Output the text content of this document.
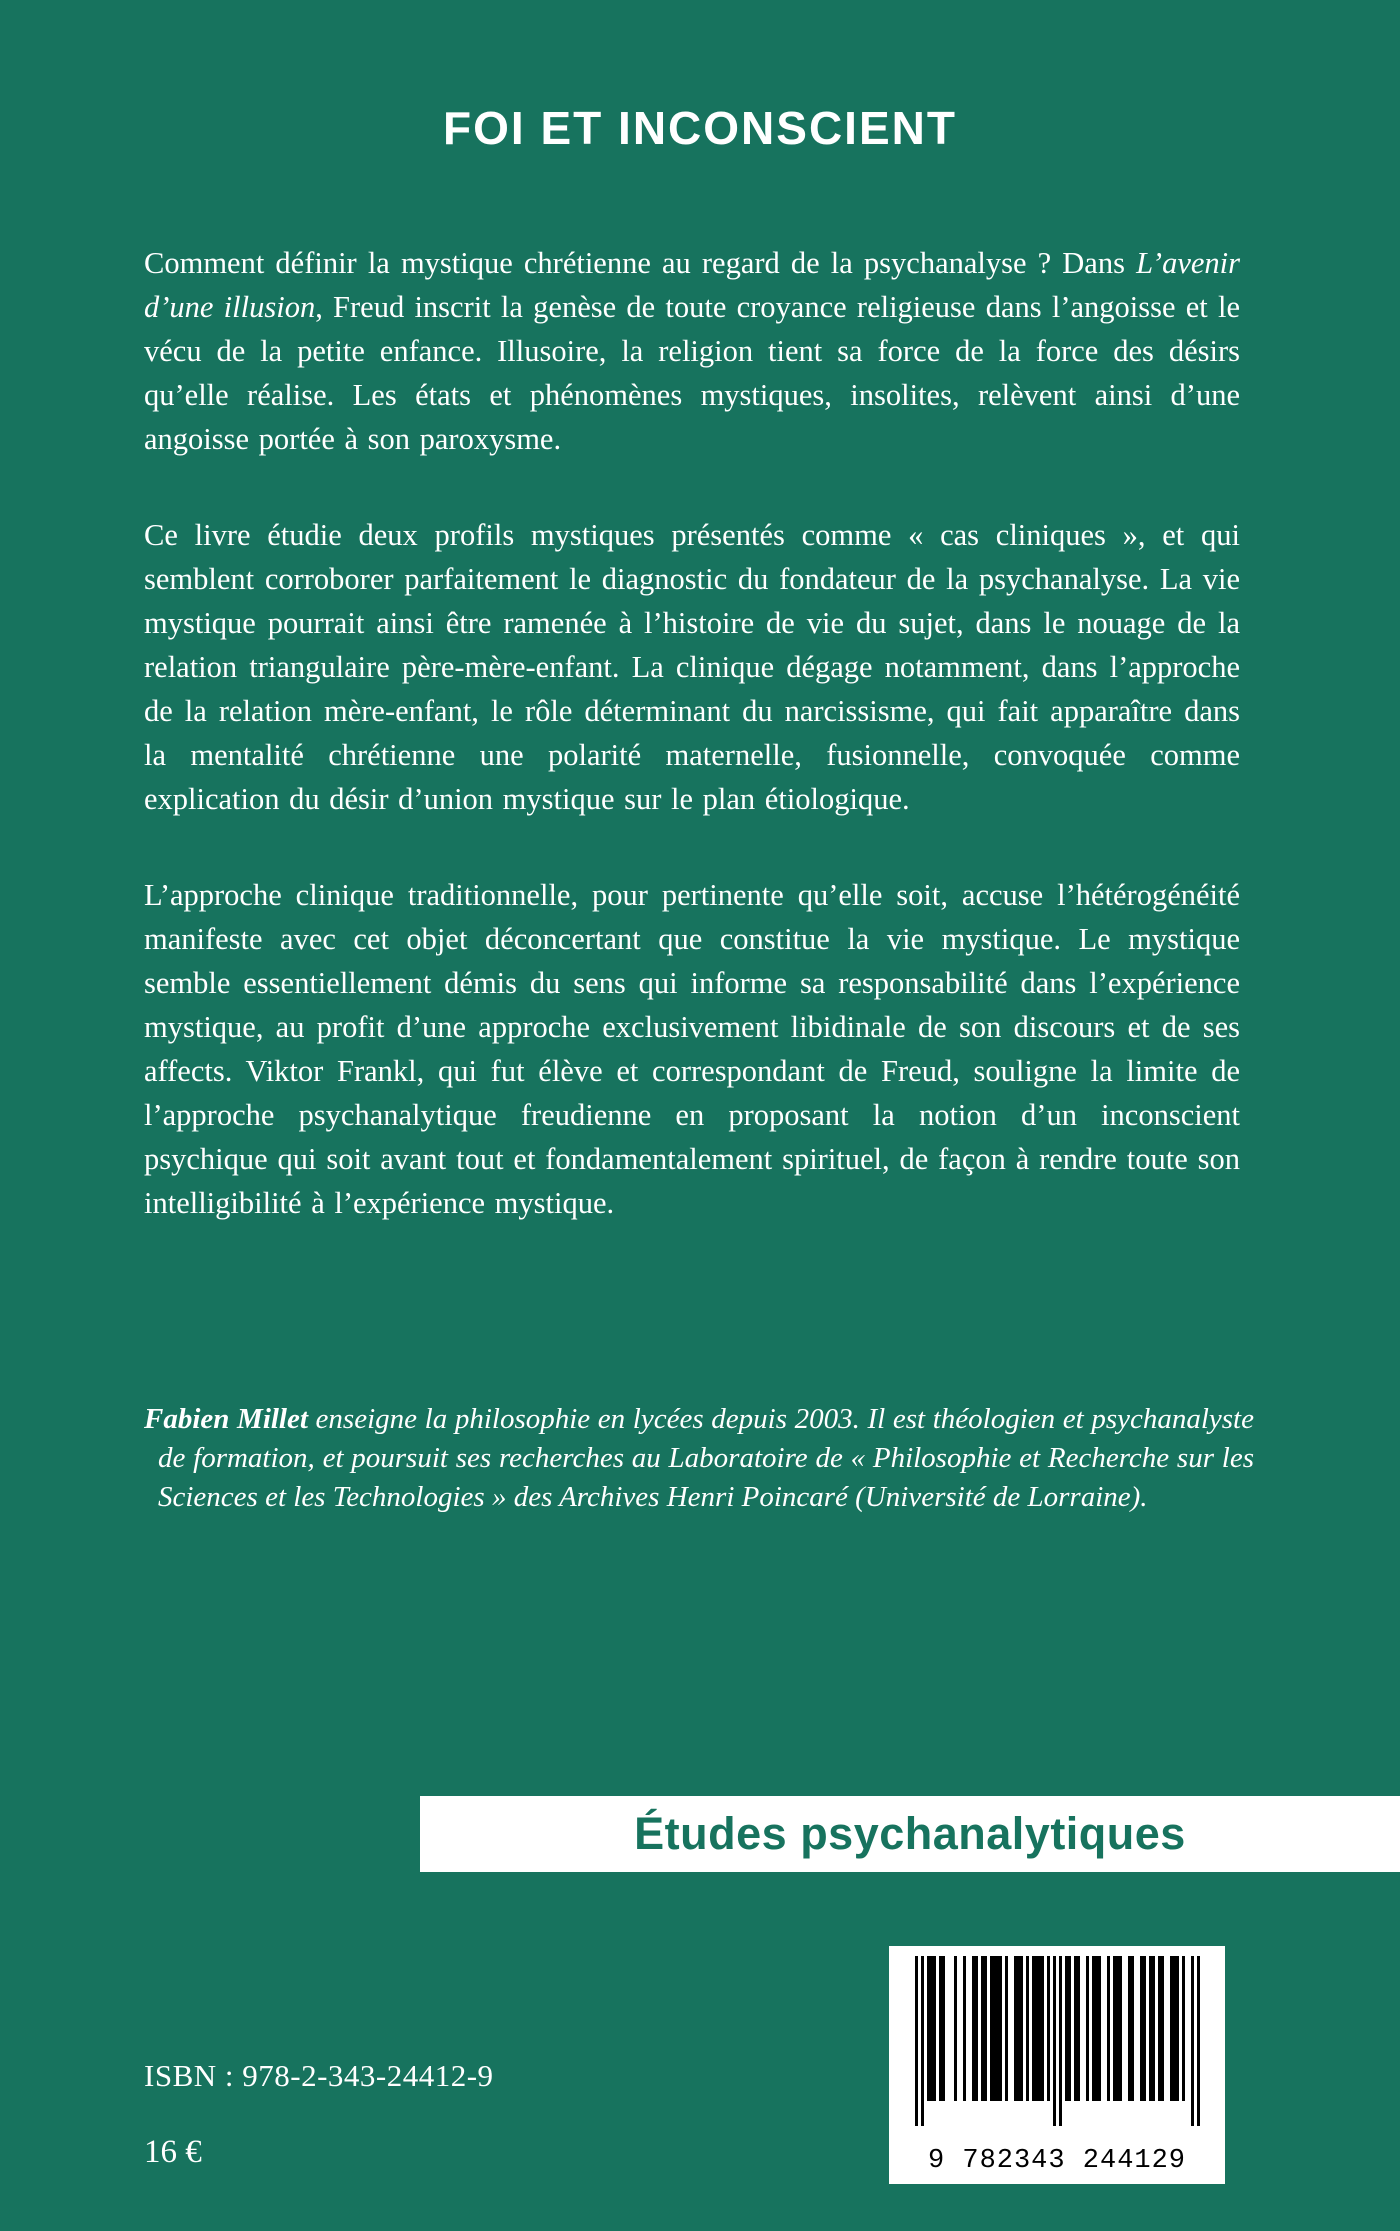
FOI ET INCONSCIENT

Comment définir la mystique chrétienne au regard de la psychanalyse ? Dans L’avenir d’une illusion, Freud inscrit la genèse de toute croyance religieuse dans l’angoisse et le vécu de la petite enfance. Illusoire, la religion tient sa force de la force des désirs qu’elle réalise. Les états et phénomènes mystiques, insolites, relèvent ainsi d’une angoisse portée à son paroxysme.

Ce livre étudie deux profils mystiques présentés comme « cas cliniques », et qui semblent corroborer parfaitement le diagnostic du fondateur de la psychanalyse. La vie mystique pourrait ainsi être ramenée à l’histoire de vie du sujet, dans le nouage de la relation triangulaire père-mère-enfant. La clinique dégage notamment, dans l’approche de la relation mère-enfant, le rôle déterminant du narcissisme, qui fait apparaître dans la mentalité chrétienne une polarité maternelle, fusionnelle, convoquée comme explication du désir d’union mystique sur le plan étiologique.

L’approche clinique traditionnelle, pour pertinente qu’elle soit, accuse l’hétérogénéité manifeste avec cet objet déconcertant que constitue la vie mystique. Le mystique semble essentiellement démis du sens qui informe sa responsabilité dans l’expérience mystique, au profit d’une approche exclusivement libidinale de son discours et de ses affects. Viktor Frankl, qui fut élève et correspondant de Freud, souligne la limite de l’approche psychanalytique freudienne en proposant la notion d’un inconscient psychique qui soit avant tout et fondamentalement spirituel, de façon à rendre toute son intelligibilité à l’expérience mystique.

Fabien Millet enseigne la philosophie en lycées depuis 2003. Il est théologien et psychanalyste de formation, et poursuit ses recherches au Laboratoire de « Philosophie et Recherche sur les Sciences et les Technologies » des Archives Henri Poincaré (Université de Lorraine).
Études psychanalytiques
ISBN : 978-2-343-24412-9
16 €	9 782343 244129
